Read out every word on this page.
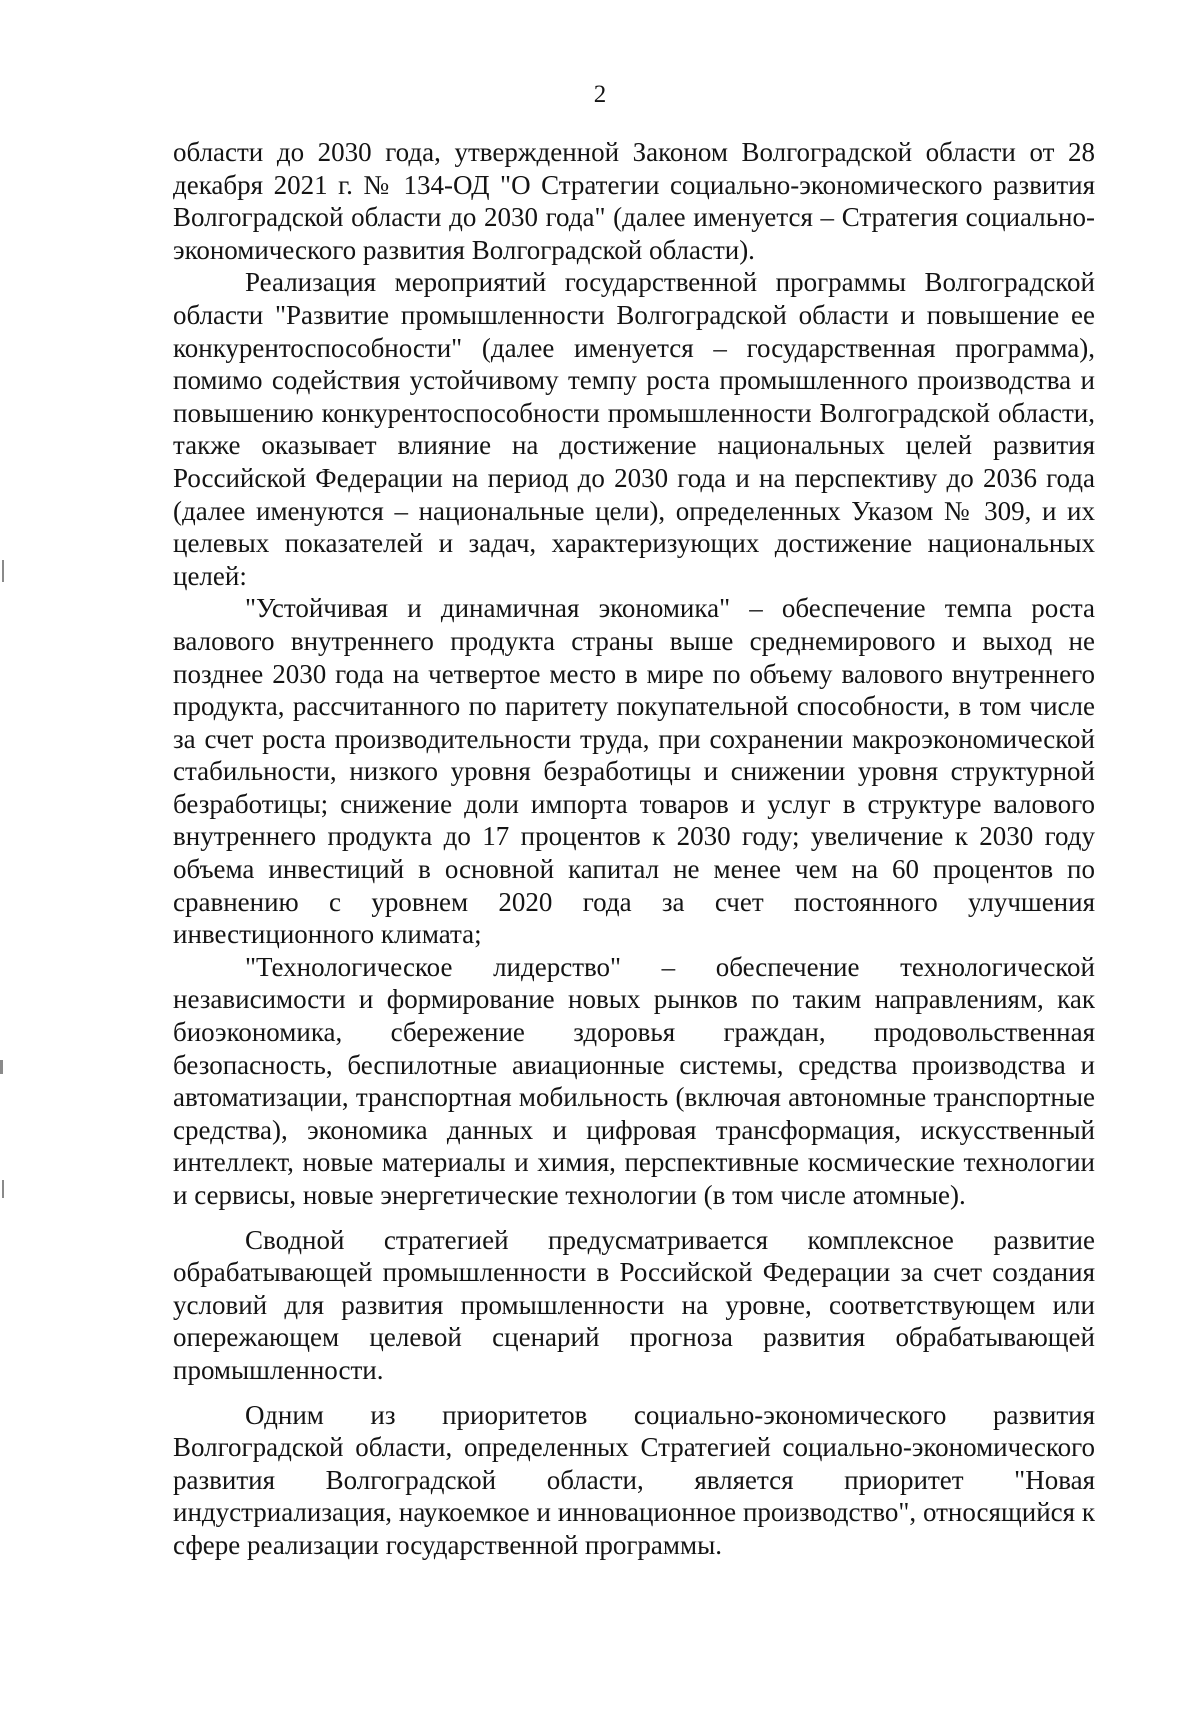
2

области до 2030 года, утвержденной Законом Волгоградской области от 28 декабря 2021 г. № 134-ОД "О Стратегии социально-экономического развития Волгоградской области до 2030 года" (далее именуется – Стратегия социально-экономического развития Волгоградской области).

Реализация мероприятий государственной программы Волгоградской области "Развитие промышленности Волгоградской области и повышение ее конкурентоспособности" (далее именуется – государственная программа), помимо содействия устойчивому темпу роста промышленного производства и повышению конкурентоспособности промышленности Волгоградской области, также оказывает влияние на достижение национальных целей развития Российской Федерации на период до 2030 года и на перспективу до 2036 года (далее именуются – национальные цели), определенных Указом № 309, и их целевых показателей и задач, характеризующих достижение национальных целей:

"Устойчивая и динамичная экономика" – обеспечение темпа роста валового внутреннего продукта страны выше среднемирового и выход не позднее 2030 года на четвертое место в мире по объему валового внутреннего продукта, рассчитанного по паритету покупательной способности, в том числе за счет роста производительности труда, при сохранении макроэкономической стабильности, низкого уровня безработицы и снижении уровня структурной безработицы; снижение доли импорта товаров и услуг в структуре валового внутреннего продукта до 17 процентов к 2030 году; увеличение к 2030 году объема инвестиций в основной капитал не менее чем на 60 процентов по сравнению с уровнем 2020 года за счет постоянного улучшения инвестиционного климата;

"Технологическое лидерство" – обеспечение технологической независимости и формирование новых рынков по таким направлениям, как биоэкономика, сбережение здоровья граждан, продовольственная безопасность, беспилотные авиационные системы, средства производства и автоматизации, транспортная мобильность (включая автономные транспортные средства), экономика данных и цифровая трансформация, искусственный интеллект, новые материалы и химия, перспективные космические технологии и сервисы, новые энергетические технологии (в том числе атомные).

Сводной стратегией предусматривается комплексное развитие обрабатывающей промышленности в Российской Федерации за счет создания условий для развития промышленности на уровне, соответствующем или опережающем целевой сценарий прогноза развития обрабатывающей промышленности.

Одним из приоритетов социально-экономического развития Волгоградской области, определенных Стратегией социально-экономического развития Волгоградской области, является приоритет "Новая индустриализация, наукоемкое и инновационное производство", относящийся к сфере реализации государственной программы.
